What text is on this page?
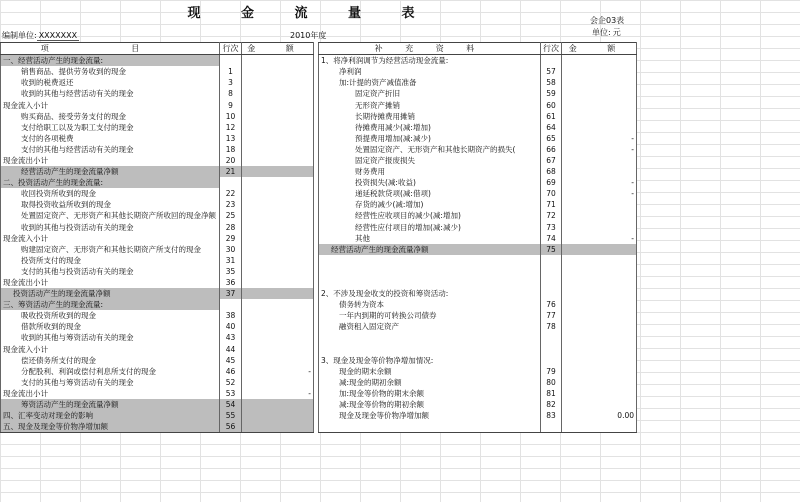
现 金 流 量 表	会企03表
编制单位: XXXXXXX	2010年度	单位: 元
项 目	行次	金 额		补 充 资 料	行次	金 额
一、经营活动产生的现金流量:				1、将净利润调节为经营活动现金流量:		
销售商品、提供劳务收到的现金	1			净利润	57	
收到的税费返还	3			加:计提的资产减值准备	58	
收到的其他与经营活动有关的现金	8			固定资产折旧	59	
现金流入小计	9			无形资产摊销	60	
购买商品、接受劳务支付的现金	10			长期待摊费用摊销	61	
支付给职工以及为职工支付的现金	12			待摊费用减少(减:增加)	64	
支付的各项税费	13			预提费用增加(减:减少)	65	-
支付的其他与经营活动有关的现金	18			处置固定资产、无形资产和其他长期资产的损失(	66	-
现金流出小计	20			固定资产报废损失	67	
经营活动产生的现金流量净额	21			财务费用	68	
二、投资活动产生的现金流量:				投资损失(减:收益)	69	-
收回投资所收到的现金	22			递延税款贷项(减:借项)	70	-
取得投资收益所收到的现金	23			存货的减少(减:增加)	71	
处置固定资产、无形资产和其他长期资产所收回的现金净额	25			经营性应收项目的减少(减:增加)	72	
收到的其他与投资活动有关的现金	28			经营性应付项目的增加(减:减少)	73	
现金流入小计	29			其他	74	-
购建固定资产、无形资产和其他长期资产所支付的现金	30			经营活动产生的现金流量净额	75	
投资所支付的现金	31					
支付的其他与投资活动有关的现金	35					
现金流出小计	36					
投资活动产生的现金流量净额	37			2、不涉及现金收支的投资和筹资活动:		
三、筹资活动产生的现金流量:				债务转为资本	76	
吸收投资所收到的现金	38			一年内到期的可转换公司债券	77	
借款所收到的现金	40			融资租入固定资产	78	
收到的其他与筹资活动有关的现金	43					
现金流入小计	44					
偿还债务所支付的现金	45			3、现金及现金等价物净增加情况:		
分配股利、利润或偿付利息所支付的现金	46	-		现金的期末余额	79	
支付的其他与筹资活动有关的现金	52			减:现金的期初余额	80	
现金流出小计	53	-		加:现金等价物的期末余额	81	
筹资活动产生的现金流量净额	54			减:现金等价物的期初余额	82	
四、汇率变动对现金的影响	55			现金及现金等价物净增加额	83	0.00
五、现金及现金等价物净增加额	56					
